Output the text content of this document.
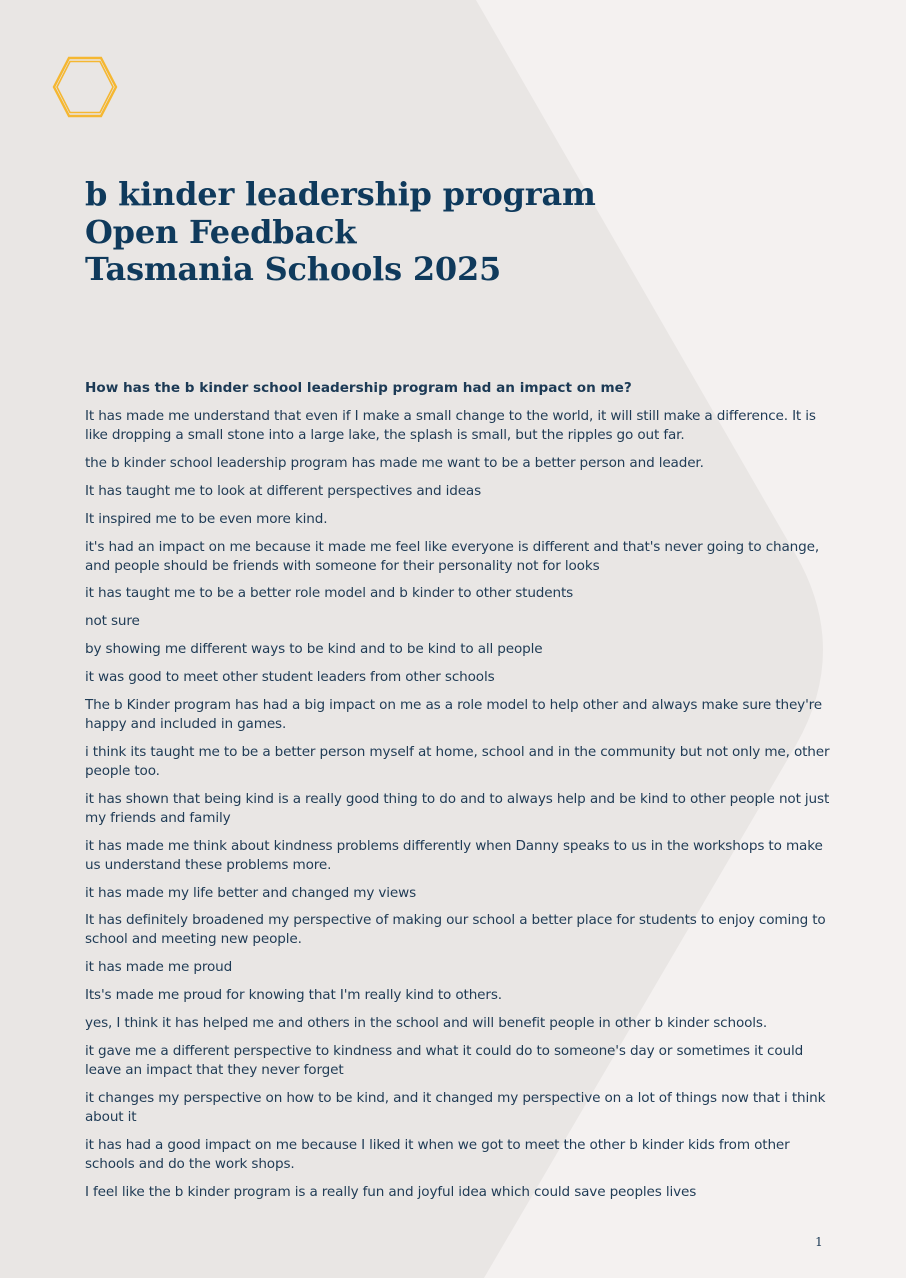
b kinder leadership program
Open Feedback
Tasmania Schools 2025

How has the b kinder school leadership program had an impact on me?

It has made me understand that even if I make a small change to the world, it will still make a difference. It is like dropping a small stone into a large lake, the splash is small, but the ripples go out far.
the b kinder school leadership program has made me want to be a better person and leader.
It has taught me to look at different perspectives and ideas
It inspired me to be even more kind.
it's had an impact on me because it made me feel like everyone is different and that's never going to change, and people should be friends with someone for their personality not for looks
it has taught me to be a better role model and b kinder to other students
not sure
by showing me different ways to be kind and to be kind to all people
it was good to meet other student leaders from other schools
The b Kinder program has had a big impact on me as a role model to help other and always make sure they're happy and included in games.
i think its taught me to be a better person myself at home, school and in the community but not only me, other people too.
it has shown that being kind is a really good thing to do and to always help and be kind to other people not just my friends and family
it has made me think about kindness problems differently when Danny speaks to us in the workshops to make us understand these problems more.
it has made my life better and changed my views
It has definitely broadened my perspective of making our school a better place for students to enjoy coming to school and meeting new people.
it has made me proud
Its's made me proud for knowing that I'm really kind to others.
yes, I think it has helped me and others in the school and will benefit people in other b kinder schools.
it gave me a different perspective to kindness and what it could do to someone's day or sometimes it could leave an impact that they never forget
it changes my perspective on how to be kind, and it changed my perspective on a lot of things now that i think about it
it has had a good impact on me because I liked it when we got to meet the other b kinder kids from other schools and do the work shops.
I feel like the b kinder program is a really fun and joyful idea which could save peoples lives
1
